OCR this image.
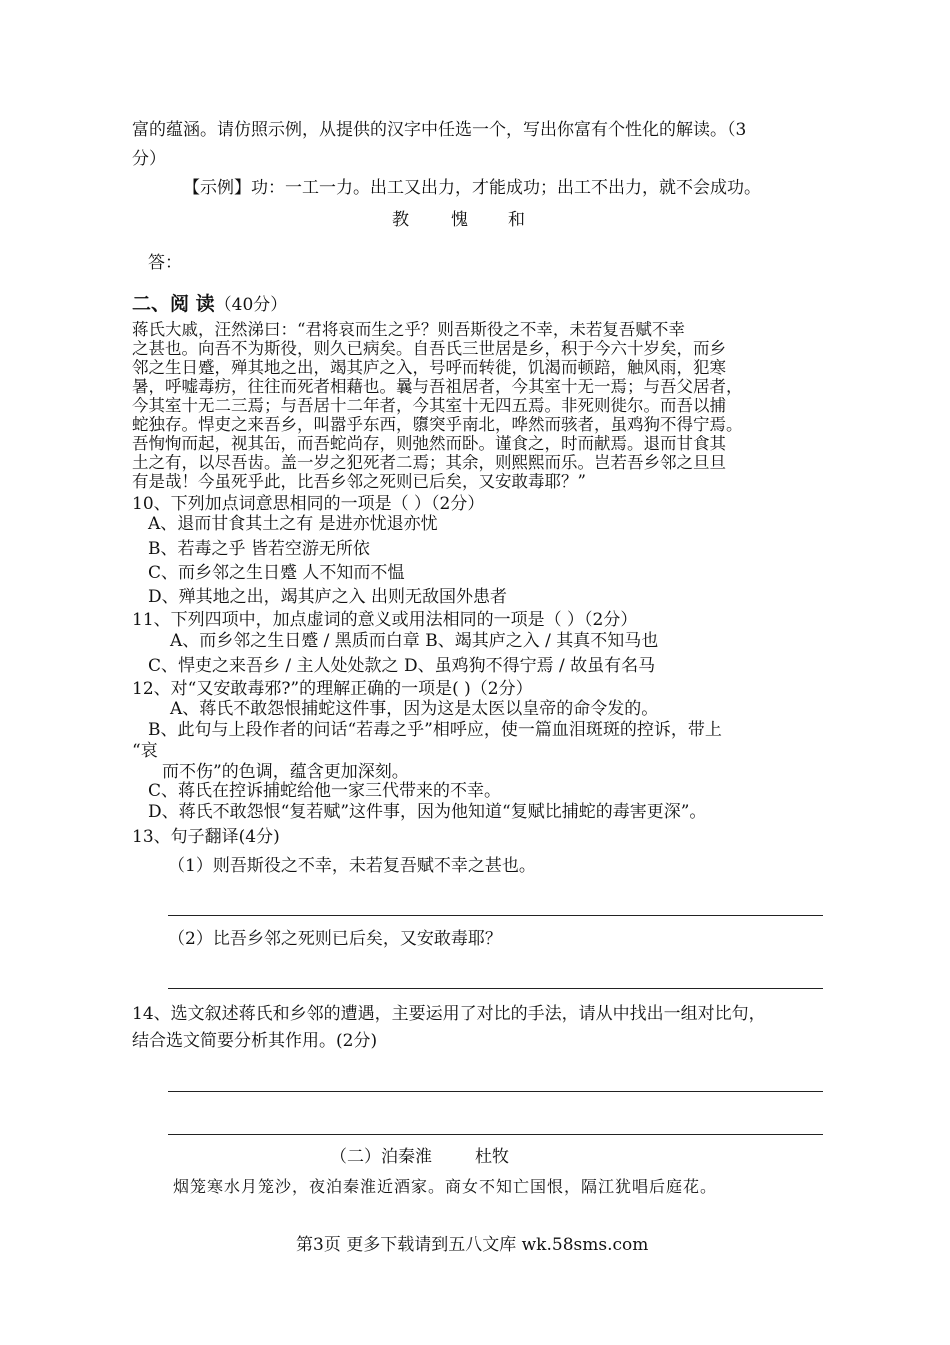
富的蕴涵。请仿照示例，从提供的汉字中任选一个，写出你富有个性化的解读。（3
分）
【示例】功：一工一力。出工又出力，才能成功；出工不出力，就不会成功。
教 愧 和
答：
二、阅 读（40分）
蒋氏大戚，汪然涕曰：“君将哀而生之乎？则吾斯役之不幸，未若复吾赋不幸
之甚也。向吾不为斯役，则久已病矣。自吾氏三世居是乡，积于今六十岁矣，而乡
邻之生日蹙，殚其地之出，竭其庐之入，号呼而转徙，饥渴而顿踣，触风雨，犯寒
暑，呼嘘毒疠，往往而死者相藉也。曩与吾祖居者，今其室十无一焉；与吾父居者，
今其室十无二三焉；与吾居十二年者，今其室十无四五焉。非死则徙尔。而吾以捕
蛇独存。悍吏之来吾乡，叫嚣乎东西，隳突乎南北，哗然而骇者，虽鸡狗不得宁焉。
吾恂恂而起，视其缶，而吾蛇尚存，则弛然而卧。谨食之，时而献焉。退而甘食其
土之有，以尽吾齿。盖一岁之犯死者二焉；其余，则熙熙而乐。岂若吾乡邻之旦旦
有是哉！今虽死乎此，比吾乡邻之死则已后矣，又安敢毒耶？”
10、下列加点词意思相同的一项是（ ）（2分）
A、退而甘食其土之有 是进亦忧退亦忧
B、若毒之乎 皆若空游无所依
C、而乡邻之生日蹙 人不知而不愠
D、殚其地之出，竭其庐之入 出则无敌国外患者
11、下列四项中，加点虚词的意义或用法相同的一项是（ ）（2分）
A、而乡邻之生日蹙 / 黑质而白章 B、竭其庐之入 / 其真不知马也
C、悍吏之来吾乡 / 主人处处款之 D、虽鸡狗不得宁焉 / 故虽有名马
12、对“又安敢毒邪?”的理解正确的一项是( )（2分）
A、蒋氏不敢怨恨捕蛇这件事，因为这是太医以皇帝的命令发的。
B、此句与上段作者的问话“若毒之乎”相呼应，使一篇血泪斑斑的控诉，带上
“哀
而不伤”的色调，蕴含更加深刻。
C、蒋氏在控诉捕蛇给他一家三代带来的不幸。
D、蒋氏不敢怨恨“复若赋”这件事，因为他知道“复赋比捕蛇的毒害更深”。
13、句子翻译(4分)
（1）则吾斯役之不幸，未若复吾赋不幸之甚也。
（2）比吾乡邻之死则已后矣，又安敢毒耶？
14、选文叙述蒋氏和乡邻的遭遇，主要运用了对比的手法，请从中找出一组对比句，
结合选文简要分析其作用。(2分)
（二）泊秦淮	杜牧
烟笼寒水月笼沙，夜泊秦淮近酒家。商女不知亡国恨，隔江犹唱后庭花。
第3页 更多下载请到五八文库 wk.58sms.com
